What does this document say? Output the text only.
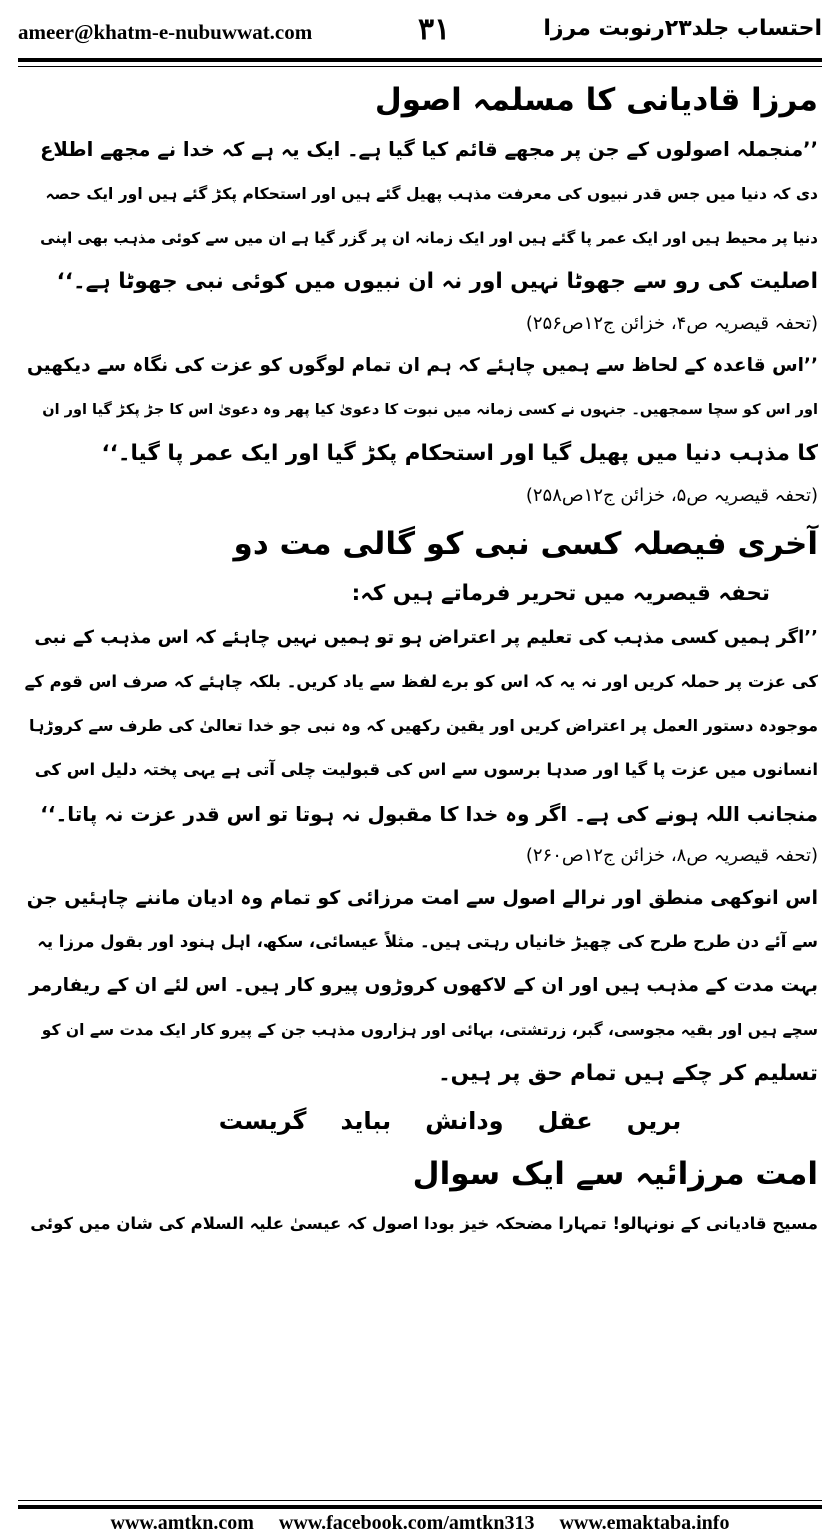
ameer@khatm-e-nubuwwat.com	۳۱	احتساب جلد۲۳رنوبت مرزا
مرزا قادیانی کا مسلمہ اصول
’’منجملہ اصولوں کے جن پر مجھے قائم کیا گیا ہے۔ ایک یہ ہے کہ خدا نے مجھے اطلاع
دی کہ دنیا میں جس قدر نبیوں کی معرفت مذہب پھیل گئے ہیں اور استحکام پکڑ گئے ہیں اور ایک حصہ
دنیا پر محیط ہیں اور ایک عمر پا گئے ہیں اور ایک زمانہ ان پر گزر گیا ہے ان میں سے کوئی مذہب بھی اپنی
اصلیت کی رو سے جھوٹا نہیں اور نہ ان نبیوں میں کوئی نبی جھوٹا ہے۔‘‘
(تحفہ قیصریہ ص۴، خزائن ج۱۲ص۲۵۶)
’’اس قاعدہ کے لحاظ سے ہمیں چاہئے کہ ہم ان تمام لوگوں کو عزت کی نگاہ سے دیکھیں
اور اس کو سچا سمجھیں۔ جنہوں نے کسی زمانہ میں نبوت کا دعویٰ کیا پھر وہ دعویٰ اس کا جڑ پکڑ گیا اور ان
کا مذہب دنیا میں پھیل گیا اور استحکام پکڑ گیا اور ایک عمر پا گیا۔‘‘
(تحفہ قیصریہ ص۵، خزائن ج۱۲ص۲۵۸)
آخری فیصلہ کسی نبی کو گالی مت دو
تحفہ قیصریہ میں تحریر فرماتے ہیں کہ:
’’اگر ہمیں کسی مذہب کی تعلیم پر اعتراض ہو تو ہمیں نہیں چاہئے کہ اس مذہب کے نبی
کی عزت پر حملہ کریں اور نہ یہ کہ اس کو برے لفظ سے یاد کریں۔ بلکہ چاہئے کہ صرف اس قوم کے
موجودہ دستور العمل پر اعتراض کریں اور یقین رکھیں کہ وہ نبی جو خدا تعالیٰ کی طرف سے کروڑہا
انسانوں میں عزت پا گیا اور صدہا برسوں سے اس کی قبولیت چلی آتی ہے یہی پختہ دلیل اس کی
منجانب اللہ ہونے کی ہے۔ اگر وہ خدا کا مقبول نہ ہوتا تو اس قدر عزت نہ پاتا۔‘‘
(تحفہ قیصریہ ص۸، خزائن ج۱۲ص۲۶۰)
اس انوکھی منطق اور نرالے اصول سے امت مرزائی کو تمام وہ ادیان ماننے چاہئیں جن
سے آئے دن طرح طرح کی چھیڑ خانیاں رہتی ہیں۔ مثلاً عیسائی، سکھ، اہل ہنود اور بقول مرزا یہ
بہت مدت کے مذہب ہیں اور ان کے لاکھوں کروڑوں پیرو کار ہیں۔ اس لئے ان کے ریفارمر
سچے ہیں اور بقیہ مجوسی، گبر، زرتشتی، بہائی اور ہزاروں مذہب جن کے پیرو کار ایک مدت سے ان کو
تسلیم کر چکے ہیں تمام حق پر ہیں۔
بریں
عقل
ودانش
بباید
گریست
امت مرزائیہ سے ایک سوال
مسیح قادیانی کے نونہالو! تمہارا مضحکہ خیز بودا اصول کہ عیسیٰ علیہ السلام کی شان میں کوئی
www.amtkn.com www.facebook.com/amtkn313 www.emaktaba.info
